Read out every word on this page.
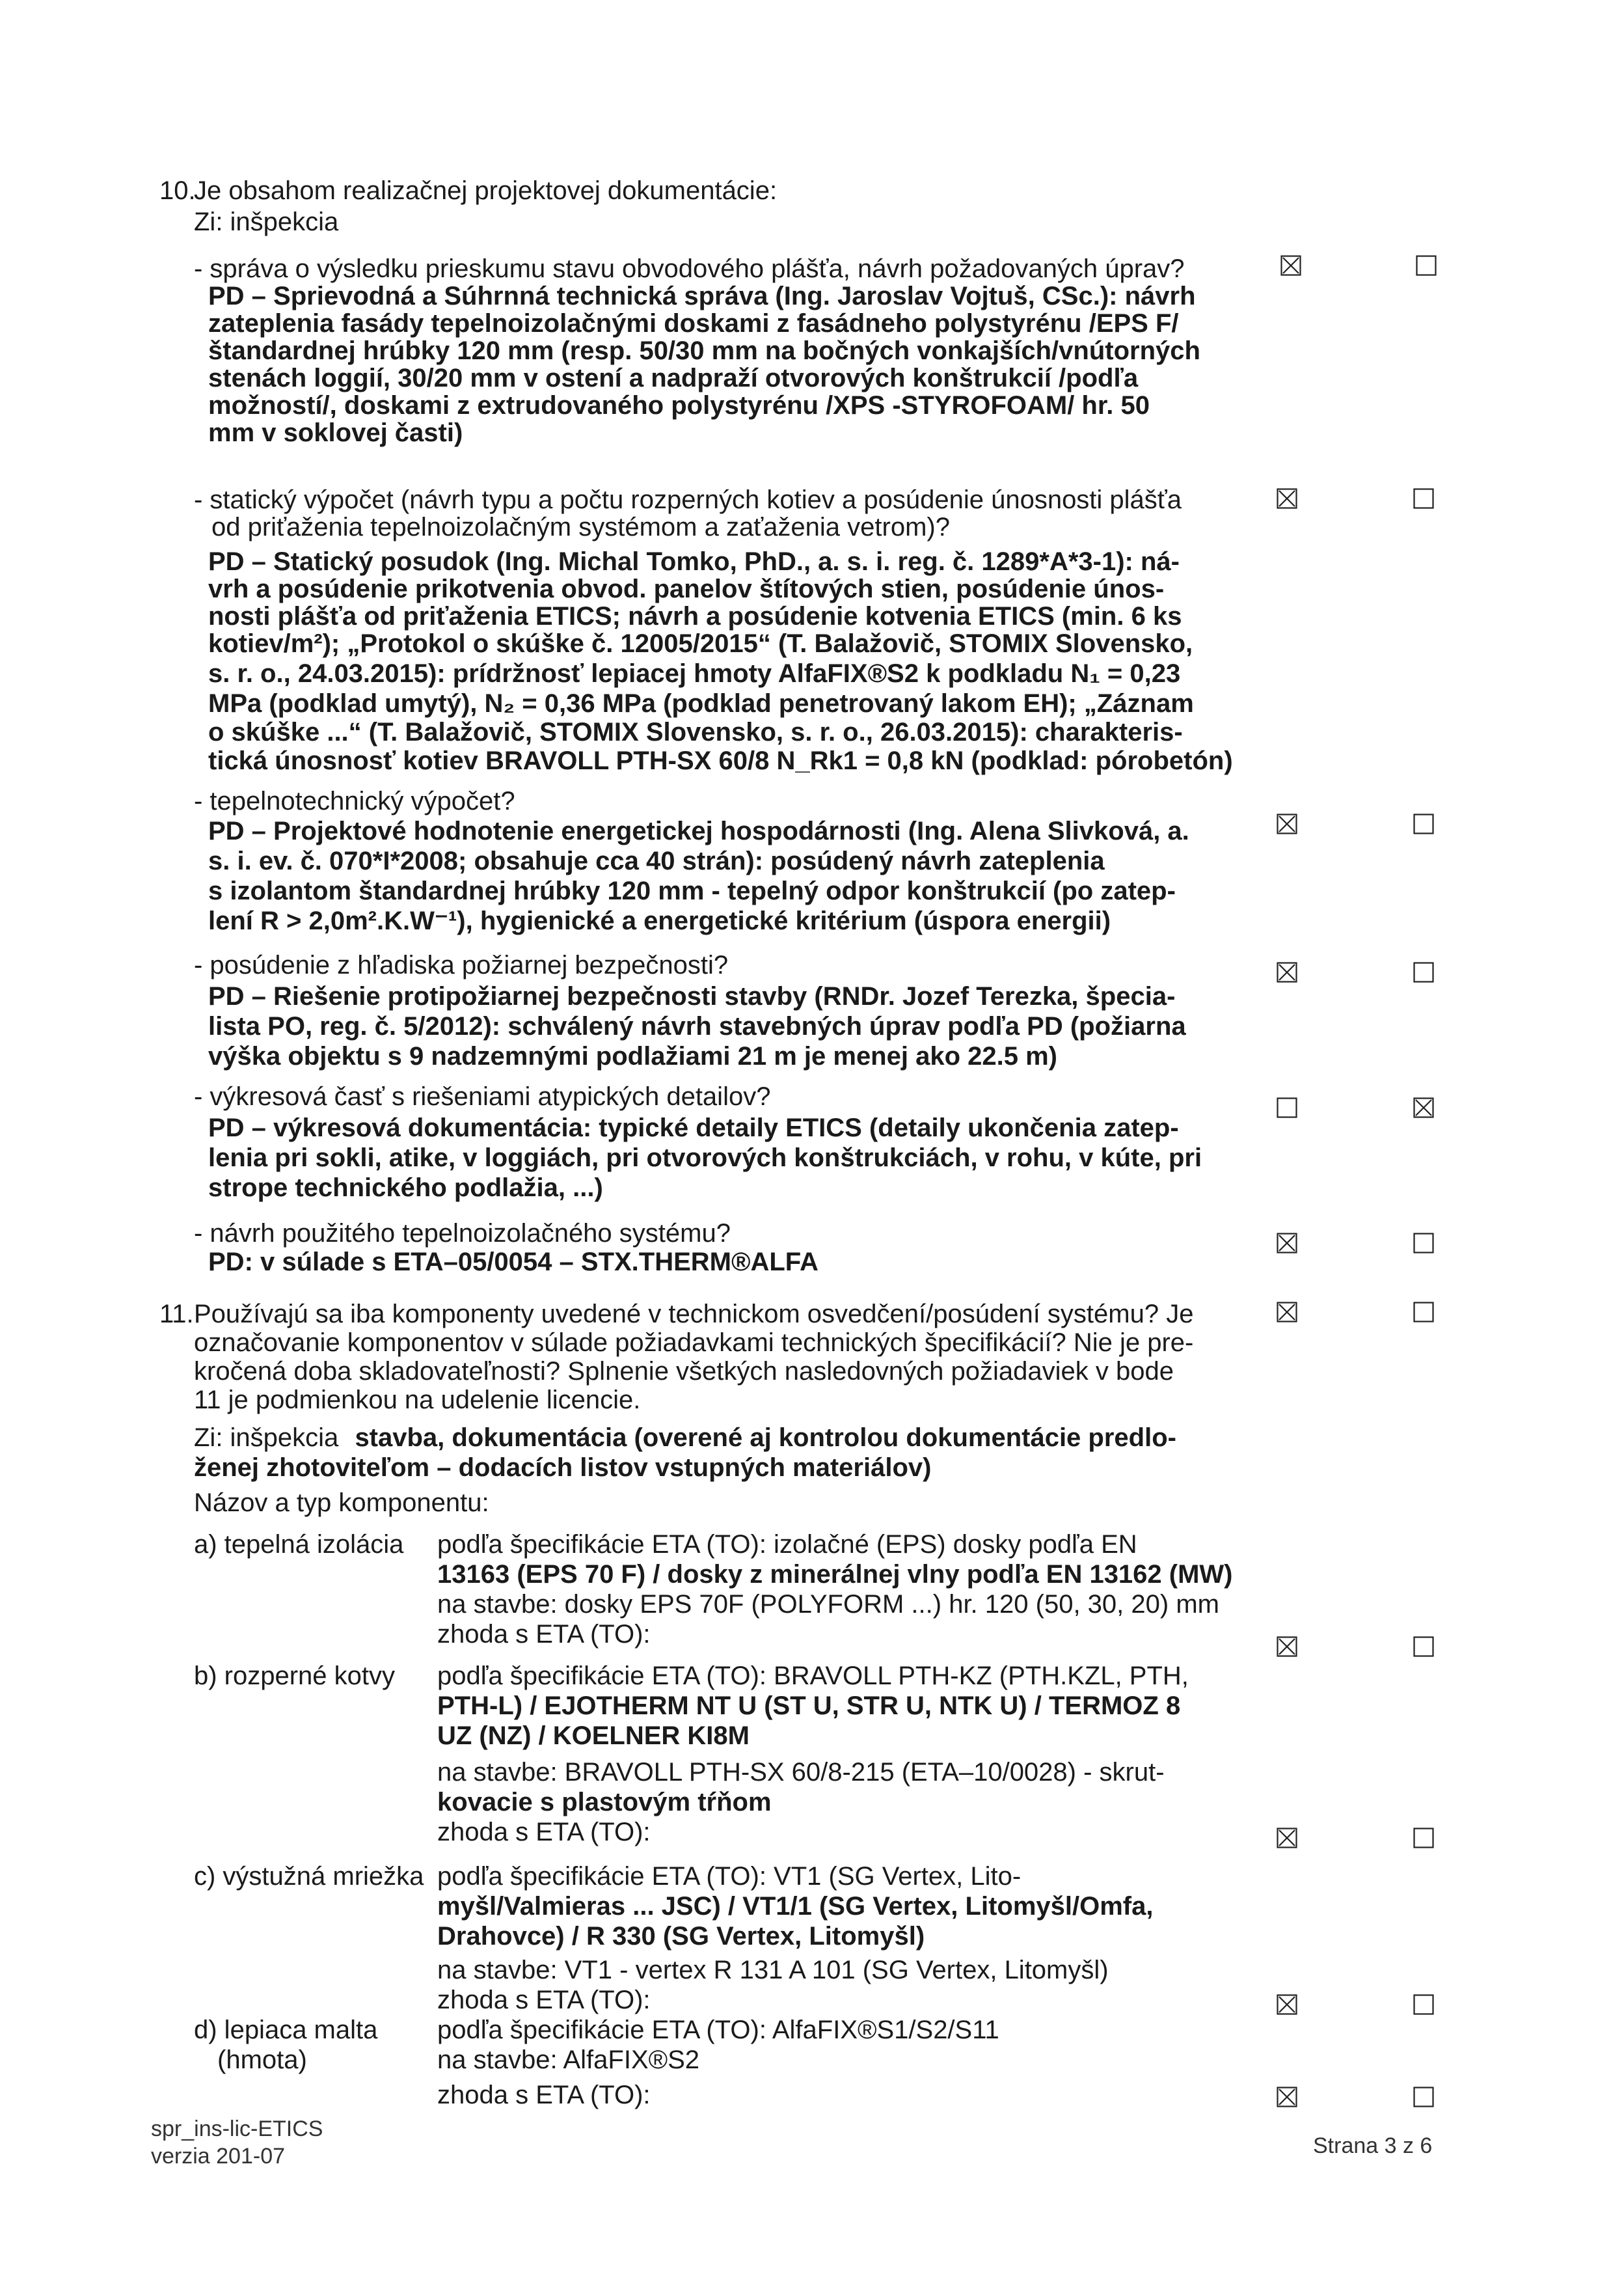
10.
Je obsahom realizačnej projektovej dokumentácie:
Zi: inšpekcia
- správa o výsledku prieskumu stavu obvodového plášťa, návrh požadovaných úprav?
PD – Sprievodná a Súhrnná technická správa (Ing. Jaroslav Vojtuš, CSc.): návrh
zateplenia fasády tepelnoizolačnými doskami z fasádneho polystyrénu /EPS F/
štandardnej hrúbky 120 mm (resp. 50/30 mm na bočných vonkajších/vnútorných
stenách loggií, 30/20 mm v ostení a nadpraží otvorových konštrukcií /podľa
možností/, doskami z extrudovaného polystyrénu /XPS -STYROFOAM/ hr. 50
mm v soklovej časti)
- statický výpočet (návrh typu a počtu rozperných kotiev a posúdenie únosnosti plášťa
od priťaženia tepelnoizolačným systémom a zaťaženia vetrom)?
PD – Statický posudok (Ing. Michal Tomko, PhD., a. s. i. reg. č. 1289*A*3-1): ná-
vrh a posúdenie prikotvenia obvod. panelov štítových stien, posúdenie únos-
nosti plášťa od priťaženia ETICS; návrh a posúdenie kotvenia ETICS (min. 6 ks
kotiev/m²); „Protokol o skúške č. 12005/2015“ (T. Balažovič, STOMIX Slovensko,
s. r. o., 24.03.2015): prídržnosť lepiacej hmoty AlfaFIX®S2 k podkladu N₁ = 0,23
MPa (podklad umytý), N₂ = 0,36 MPa (podklad penetrovaný lakom EH); „Záznam
o skúške ...“ (T. Balažovič, STOMIX Slovensko, s. r. o., 26.03.2015): charakteris-
tická únosnosť kotiev BRAVOLL PTH-SX 60/8 N_Rk1 = 0,8 kN (podklad: pórobetón)
- tepelnotechnický výpočet?
PD – Projektové hodnotenie energetickej hospodárnosti (Ing. Alena Slivková, a.
s. i. ev. č. 070*I*2008; obsahuje cca 40 strán): posúdený návrh zateplenia
s izolantom štandardnej hrúbky 120 mm - tepelný odpor konštrukcií (po zatep-
lení R > 2,0m².K.W⁻¹), hygienické a energetické kritérium (úspora energii)
- posúdenie z hľadiska požiarnej bezpečnosti?
PD – Riešenie protipožiarnej bezpečnosti stavby (RNDr. Jozef Terezka, špecia-
lista PO, reg. č. 5/2012): schválený návrh stavebných úprav podľa PD (požiarna
výška objektu s 9 nadzemnými podlažiami 21 m je menej ako 22.5 m)
- výkresová časť s riešeniami atypických detailov?
PD – výkresová dokumentácia: typické detaily ETICS (detaily ukončenia zatep-
lenia pri sokli, atike, v loggiách, pri otvorových konštrukciách, v rohu, v kúte, pri
strope technického podlažia, ...)
- návrh použitého tepelnoizolačného systému?
PD: v súlade s ETA–05/0054 – STX.THERM®ALFA
11. Používajú sa iba komponenty uvedené v technickom osvedčení/posúdení systému? Je
označovanie komponentov v súlade požiadavkami technických špecifikácií? Nie je pre-
kročená doba skladovateľnosti? Splnenie všetkých nasledovných požiadaviek v bode
11 je podmienkou na udelenie licencie.
Zi: inšpekcia stavba, dokumentácia (overené aj kontrolou dokumentácie predlo-
ženej zhotoviteľom – dodacích listov vstupných materiálov)
Názov a typ komponentu:
a) tepelná izolácia podľa špecifikácie ETA (TO): izolačné (EPS) dosky podľa EN
13163 (EPS 70 F) / dosky z minerálnej vlny podľa EN 13162 (MW)
na stavbe: dosky EPS 70F (POLYFORM ...) hr. 120 (50, 30, 20) mm
zhoda s ETA (TO):
b) rozperné kotvy podľa špecifikácie ETA (TO): BRAVOLL PTH-KZ (PTH.KZL, PTH,
PTH-L) / EJOTHERM NT U (ST U, STR U, NTK U) / TERMOZ 8
UZ (NZ) / KOELNER KI8M
na stavbe: BRAVOLL PTH-SX 60/8-215 (ETA–10/0028) - skrut-
kovacie s plastovým tŕňom
zhoda s ETA (TO):
c) výstužná mriežka podľa špecifikácie ETA (TO): VT1 (SG Vertex, Lito-
myšl/Valmieras ... JSC) / VT1/1 (SG Vertex, Litomyšl/Omfa,
Drahovce) / R 330 (SG Vertex, Litomyšl)
na stavbe: VT1 - vertex R 131 A 101 (SG Vertex, Litomyšl)
zhoda s ETA (TO):
d) lepiaca malta
(hmota)
podľa špecifikácie ETA (TO): AlfaFIX®S1/S2/S11
na stavbe: AlfaFIX®S2
zhoda s ETA (TO):
spr_ins-lic-ETICS
verzia 201-07	Strana 3 z 6
